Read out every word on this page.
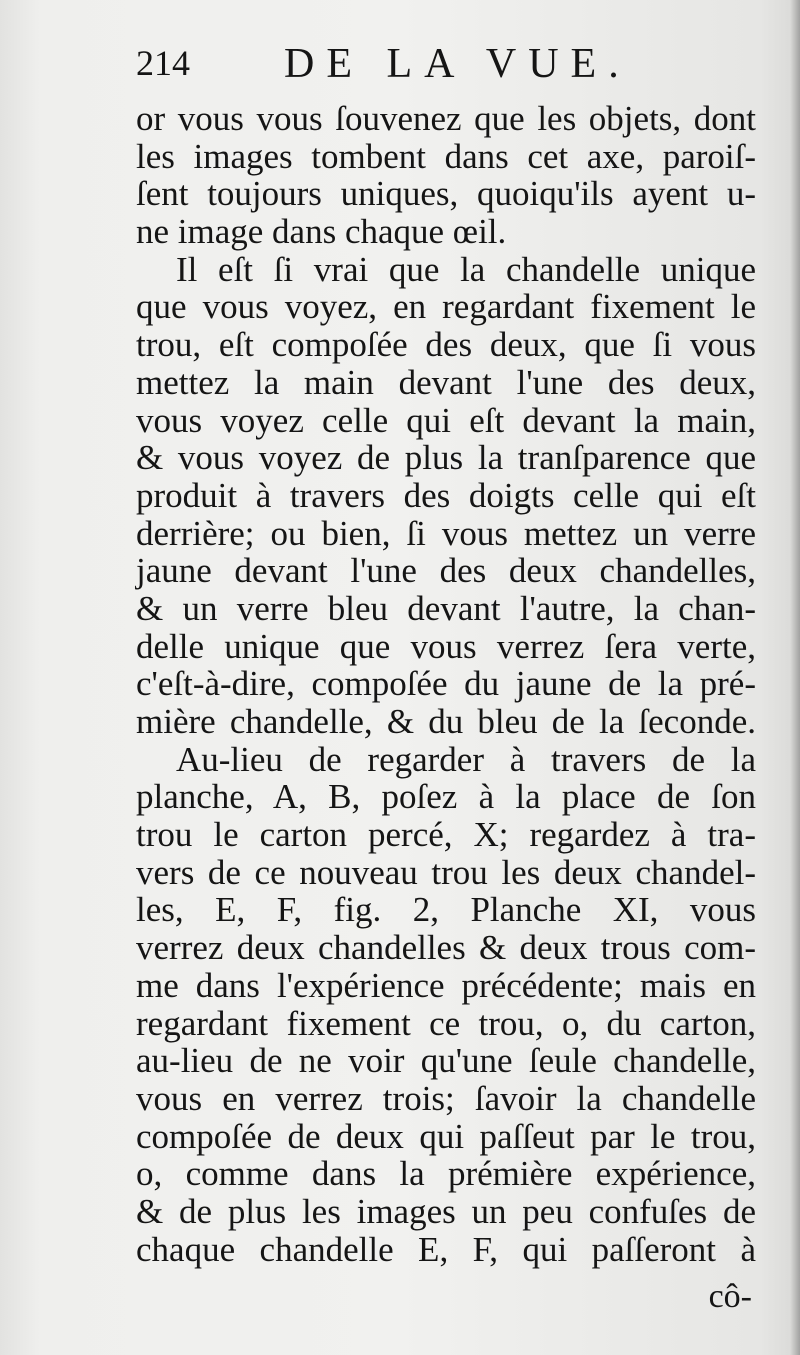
214 DE LA VUE.
or vous vous ſouvenez que les objets, dont
les images tombent dans cet axe, paroiſ-
ſent toujours uniques, quoiqu'ils ayent u-
ne image dans chaque œil.
Il eſt ſi vrai que la chandelle unique
que vous voyez, en regardant fixement le
trou, eſt compoſée des deux, que ſi vous
mettez la main devant l'une des deux,
vous voyez celle qui eſt devant la main,
& vous voyez de plus la tranſparence que
produit à travers des doigts celle qui eſt
derrière; ou bien, ſi vous mettez un verre
jaune devant l'une des deux chandelles,
& un verre bleu devant l'autre, la chan-
delle unique que vous verrez ſera verte,
c'eſt-à-dire, compoſée du jaune de la pré-
mière chandelle, & du bleu de la ſeconde.
Au-lieu de regarder à travers de la
planche, A, B, poſez à la place de ſon
trou le carton percé, X; regardez à tra-
vers de ce nouveau trou les deux chandel-
les, E, F, fig. 2, Planche XI, vous
verrez deux chandelles & deux trous com-
me dans l'expérience précédente; mais en
regardant fixement ce trou, o, du carton,
au-lieu de ne voir qu'une ſeule chandelle,
vous en verrez trois; ſavoir la chandelle
compoſée de deux qui paſſeut par le trou,
o, comme dans la prémière expérience,
& de plus les images un peu confuſes de
chaque chandelle E, F, qui paſſeront à
cô-
